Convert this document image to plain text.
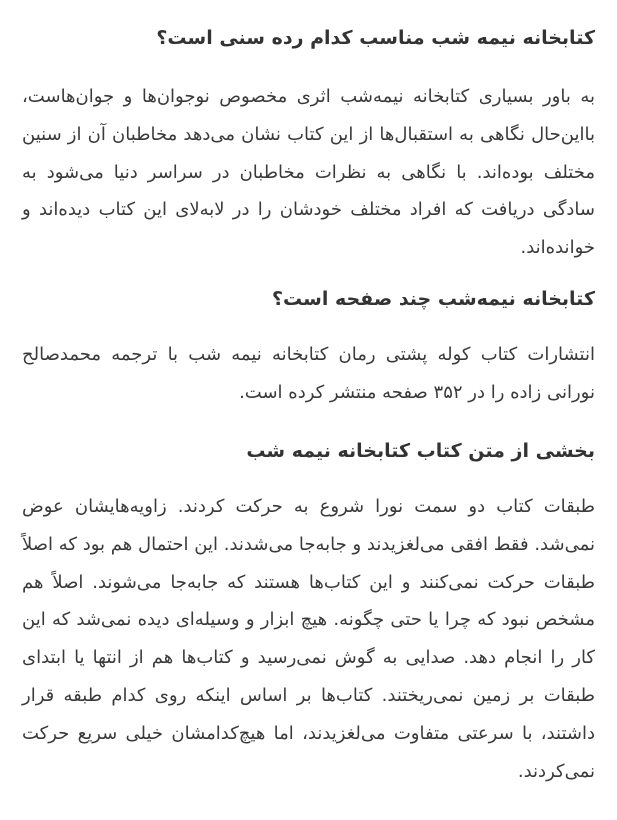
کتابخانه نیمه شب مناسب کدام رده سنی است؟

به باور بسیاری کتابخانه نیمه‌شب اثری مخصوص نوجوان‌ها و جوان‌هاست، بااین‌حال نگاهی به استقبال‌ها از این کتاب نشان می‌دهد مخاطبان آن از سنین مختلف بوده‌اند. با نگاهی به نظرات مخاطبان در سراسر دنیا می‌شود به سادگی دریافت که افراد مختلف خودشان را در لابه‌لای این کتاب دیده‌اند و خوانده‌اند.

کتابخانه نیمه‌شب چند صفحه است؟

انتشارات کتاب کوله پشتی رمان کتابخانه نیمه شب با ترجمه محمدصالح نورانی زاده را در ۳۵۲ صفحه منتشر کرده است.

بخشی از متن کتاب کتابخانه نیمه شب

طبقات کتاب دو سمت نورا شروع به حرکت کردند. زاویه‌هایشان عوض نمی‌شد. فقط افقی می‌لغزیدند و جابه‌جا می‌شدند. این احتمال هم بود که اصلاً طبقات حرکت نمی‌کنند و این کتاب‌ها هستند که جابه‌جا می‌شوند. اصلاً هم مشخص نبود که چرا یا حتی چگونه. هیچ ابزار و وسیله‌ای دیده نمی‌شد که این کار را انجام دهد. صدایی به گوش نمی‌رسید و کتاب‌ها هم از انتها یا ابتدای طبقات بر زمین نمی‌ریختند. کتاب‌ها بر اساس اینکه روی کدام طبقه قرار داشتند، با سرعتی متفاوت می‌لغزیدند، اما هیچ‌کدامشان خیلی سریع حرکت نمی‌کردند.
